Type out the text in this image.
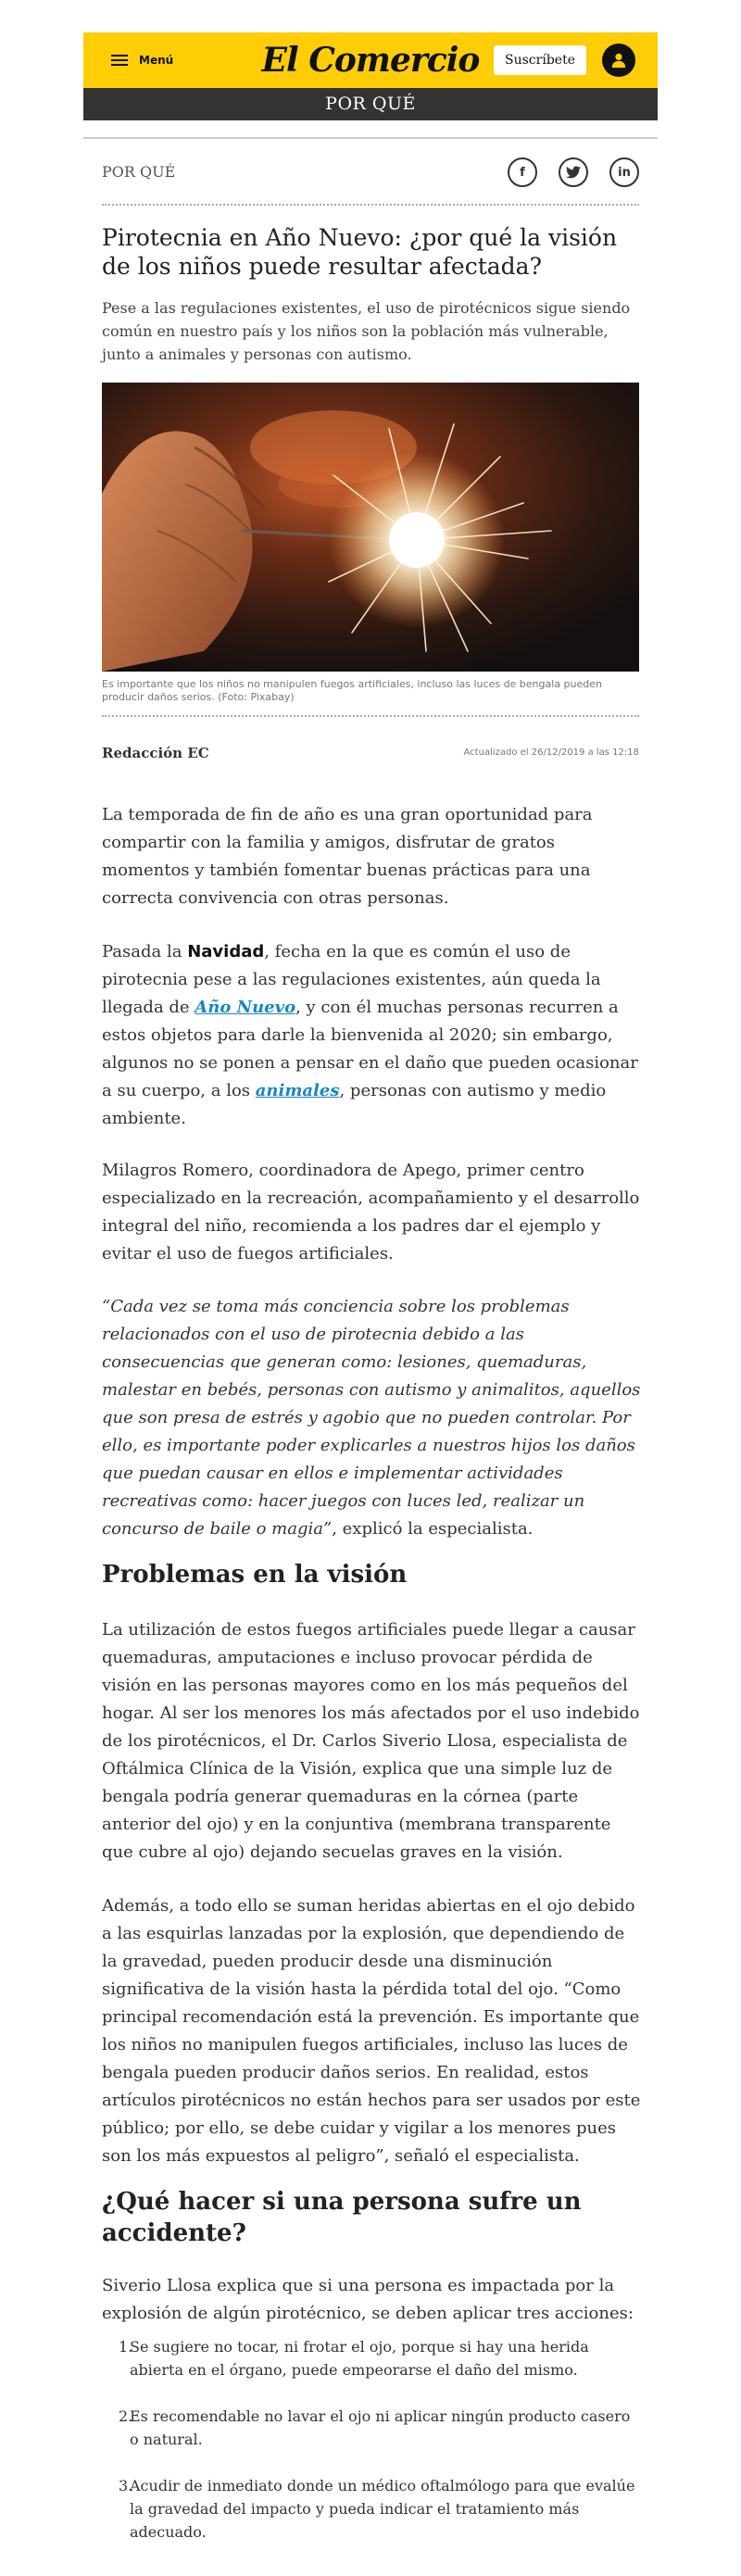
Menú	El Comercio	Suscríbete
POR QUÉ
POR QUÉ	f	in
Pirotecnia en Año Nuevo: ¿por qué la visión de los niños puede resultar afectada?

Pese a las regulaciones existentes, el uso de pirotécnicos sigue siendo común en nuestro país y los niños son la población más vulnerable, junto a animales y personas con autismo.

Es importante que los niños no manipulen fuegos artificiales, incluso las luces de bengala pueden producir daños serios. (Foto: Pixabay)

Redacción EC	Actualizado el 26/12/2019 a las 12:18

La temporada de fin de año es una gran oportunidad para compartir con la familia y amigos, disfrutar de gratos momentos y también fomentar buenas prácticas para una correcta convivencia con otras personas.

Pasada la Navidad, fecha en la que es común el uso de pirotecnia pese a las regulaciones existentes, aún queda la llegada de Año Nuevo, y con él muchas personas recurren a estos objetos para darle la bienvenida al 2020; sin embargo, algunos no se ponen a pensar en el daño que pueden ocasionar a su cuerpo, a los animales, personas con autismo y medio ambiente.

Milagros Romero, coordinadora de Apego, primer centro especializado en la recreación, acompañamiento y el desarrollo integral del niño, recomienda a los padres dar el ejemplo y evitar el uso de fuegos artificiales.

“Cada vez se toma más conciencia sobre los problemas relacionados con el uso de pirotecnia debido a las consecuencias que generan como: lesiones, quemaduras, malestar en bebés, personas con autismo y animalitos, aquellos que son presa de estrés y agobio que no pueden controlar. Por ello, es importante poder explicarles a nuestros hijos los daños que puedan causar en ellos e implementar actividades recreativas como: hacer juegos con luces led, realizar un concurso de baile o magia”, explicó la especialista.

Problemas en la visión

La utilización de estos fuegos artificiales puede llegar a causar quemaduras, amputaciones e incluso provocar pérdida de visión en las personas mayores como en los más pequeños del hogar. Al ser los menores los más afectados por el uso indebido de los pirotécnicos, el Dr. Carlos Siverio Llosa, especialista de Oftálmica Clínica de la Visión, explica que una simple luz de bengala podría generar quemaduras en la córnea (parte anterior del ojo) y en la conjuntiva (membrana transparente que cubre al ojo) dejando secuelas graves en la visión.

Además, a todo ello se suman heridas abiertas en el ojo debido a las esquirlas lanzadas por la explosión, que dependiendo de la gravedad, pueden producir desde una disminución significativa de la visión hasta la pérdida total del ojo. “Como principal recomendación está la prevención. Es importante que los niños no manipulen fuegos artificiales, incluso las luces de bengala pueden producir daños serios. En realidad, estos artículos pirotécnicos no están hechos para ser usados por este público; por ello, se debe cuidar y vigilar a los menores pues son los más expuestos al peligro”, señaló el especialista.

¿Qué hacer si una persona sufre un accidente?

Siverio Llosa explica que si una persona es impactada por la explosión de algún pirotécnico, se deben aplicar tres acciones:

1.
Se sugiere no tocar, ni frotar el ojo, porque si hay una herida abierta en el órgano, puede empeorarse el daño del mismo.
2.
Es recomendable no lavar el ojo ni aplicar ningún producto casero o natural.
3.
Acudir de inmediato donde un médico oftalmólogo para que evalúe la gravedad del impacto y pueda indicar el tratamiento más adecuado.
